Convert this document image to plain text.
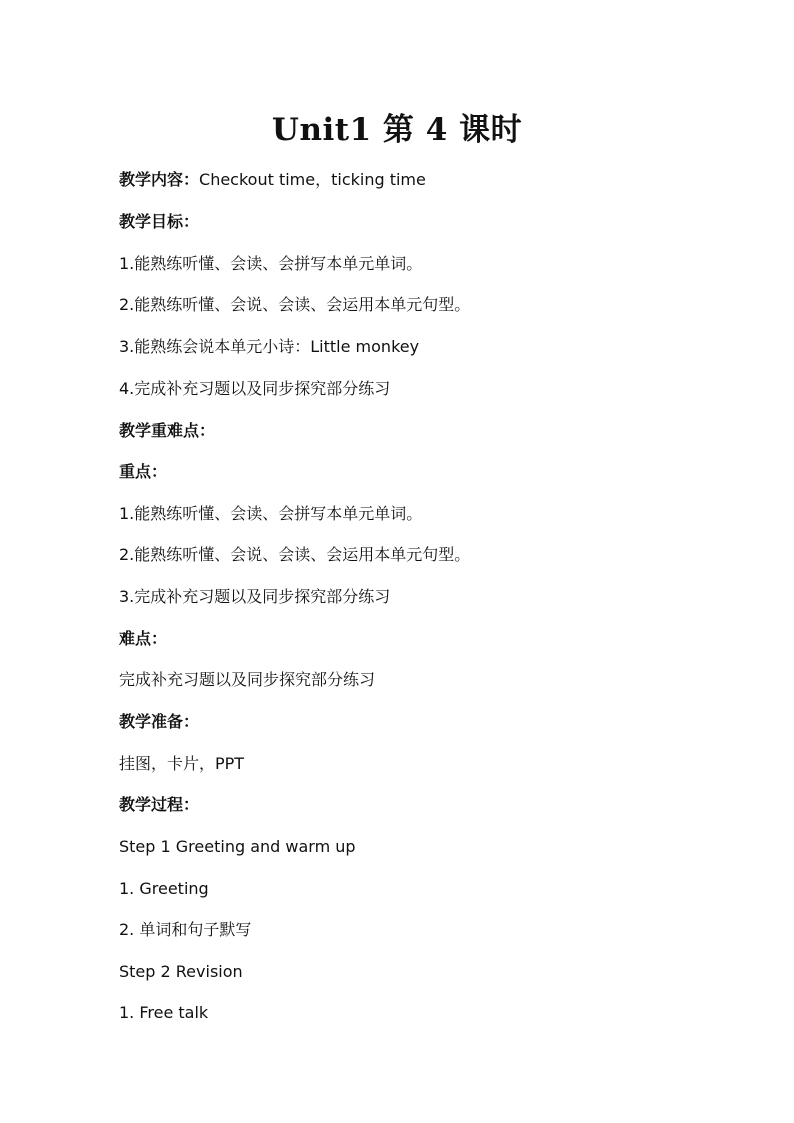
Unit1 第 4 课时
教学内容：Checkout time，ticking time
教学目标：
1.能熟练听懂、会读、会拼写本单元单词。
2.能熟练听懂、会说、会读、会运用本单元句型。
3.能熟练会说本单元小诗：Little monkey
4.完成补充习题以及同步探究部分练习
教学重难点：
重点：
1.能熟练听懂、会读、会拼写本单元单词。
2.能熟练听懂、会说、会读、会运用本单元句型。
3.完成补充习题以及同步探究部分练习
难点：
完成补充习题以及同步探究部分练习
教学准备：
挂图，卡片，PPT
教学过程：
Step 1 Greeting and warm up
1. Greeting
2. 单词和句子默写
Step 2 Revision
1. Free talk
